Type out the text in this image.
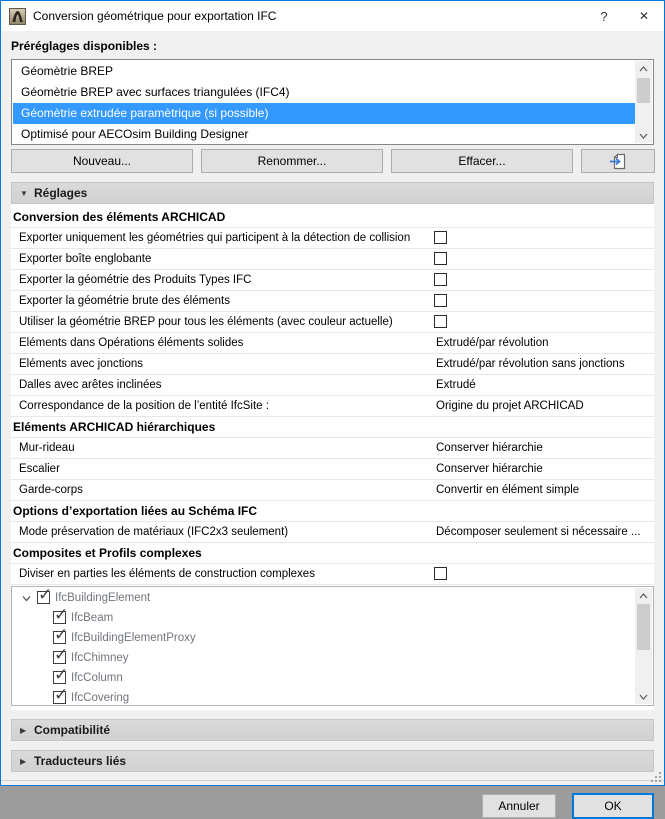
Conversion géométrique pour exportation IFC	?	✕
Préréglages disponibles :
Géomètrie BREP
Géomètrie BREP avec surfaces triangulées (IFC4)
Géomètrie extrudée paramètrique (si possible)
Optimisé pour AECOsim Building Designer
Nouveau...	Renommer...	Effacer...
▼ Réglages
Conversion des éléments ARCHICAD
Exporter uniquement les géométries qui participent à la détection de collision
Exporter boîte englobante
Exporter la géométrie des Produits Types IFC
Exporter la géométrie brute des éléments
Utiliser la géométrie BREP pour tous les éléments (avec couleur actuelle)
Eléments dans Opérations éléments solides	Extrudé/par révolution
Eléments avec jonctions	Extrudé/par révolution sans jonctions
Dalles avec arêtes inclinées	Extrudé
Correspondance de la position de l’entité IfcSite :	Origine du projet ARCHICAD
Eléments ARCHICAD hiérarchiques
Mur-rideau	Conserver hiérarchie
Escalier	Conserver hiérarchie
Garde-corps	Convertir en élément simple
Options d’exportation liées au Schéma IFC
Mode préservation de matériaux (IFC2x3 seulement)	Décomposer seulement si nécessaire ...
Composites et Profils complexes
Diviser en parties les éléments de construction complexes
✓
IfcBuildingElement
✓
IfcBeam
✓
IfcBuildingElementProxy
✓
IfcChimney
✓
IfcColumn
✓
IfcCovering
▶ Compatibilité
▶ Traducteurs liés
Annuler	OK
